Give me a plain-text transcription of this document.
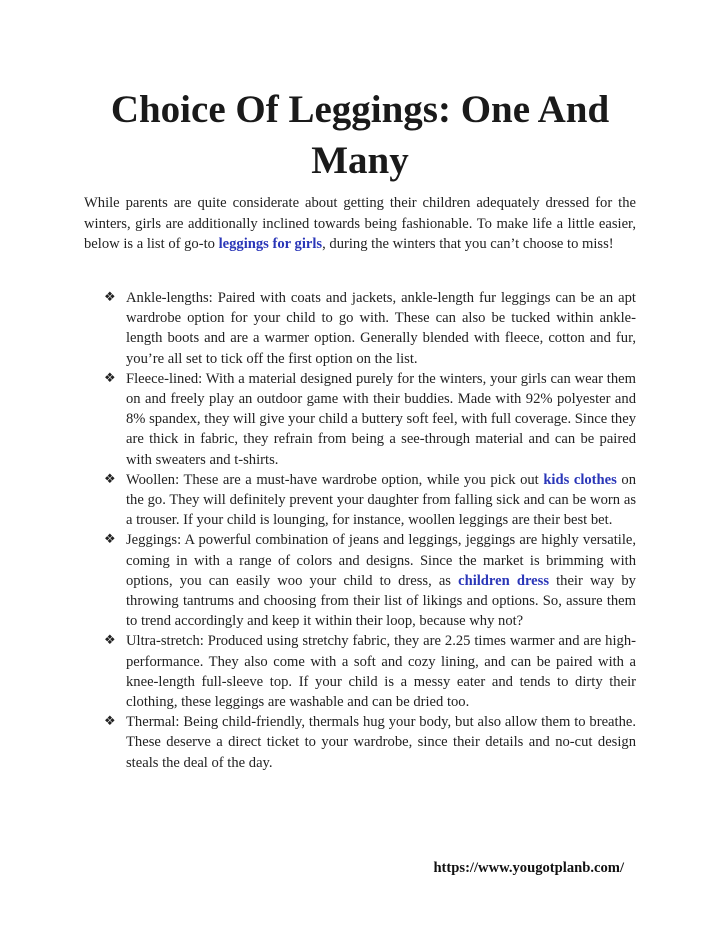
Choice Of Leggings: One And Many

While parents are quite considerate about getting their children adequately dressed for the winters, girls are additionally inclined towards being fashionable. To make life a little easier, below is a list of go-to leggings for girls, during the winters that you can’t choose to miss!

❖ Ankle-lengths: Paired with coats and jackets, ankle-length fur leggings can be an apt wardrobe option for your child to go with. These can also be tucked within ankle-length boots and are a warmer option. Generally blended with fleece, cotton and fur, you’re all set to tick off the first option on the list.
❖ Fleece-lined: With a material designed purely for the winters, your girls can wear them on and freely play an outdoor game with their buddies. Made with 92% polyester and 8% spandex, they will give your child a buttery soft feel, with full coverage. Since they are thick in fabric, they refrain from being a see-through material and can be paired with sweaters and t-shirts.
❖ Woollen: These are a must-have wardrobe option, while you pick out kids clothes on the go. They will definitely prevent your daughter from falling sick and can be worn as a trouser. If your child is lounging, for instance, woollen leggings are their best bet.
❖ Jeggings: A powerful combination of jeans and leggings, jeggings are highly versatile, coming in with a range of colors and designs. Since the market is brimming with options, you can easily woo your child to dress, as children dress their way by throwing tantrums and choosing from their list of likings and options. So, assure them to trend accordingly and keep it within their loop, because why not?
❖ Ultra-stretch: Produced using stretchy fabric, they are 2.25 times warmer and are high-performance. They also come with a soft and cozy lining, and can be paired with a knee-length full-sleeve top. If your child is a messy eater and tends to dirty their clothing, these leggings are washable and can be dried too.
❖ Thermal: Being child-friendly, thermals hug your body, but also allow them to breathe. These deserve a direct ticket to your wardrobe, since their details and no-cut design steals the deal of the day.
https://www.yougotplanb.com/
